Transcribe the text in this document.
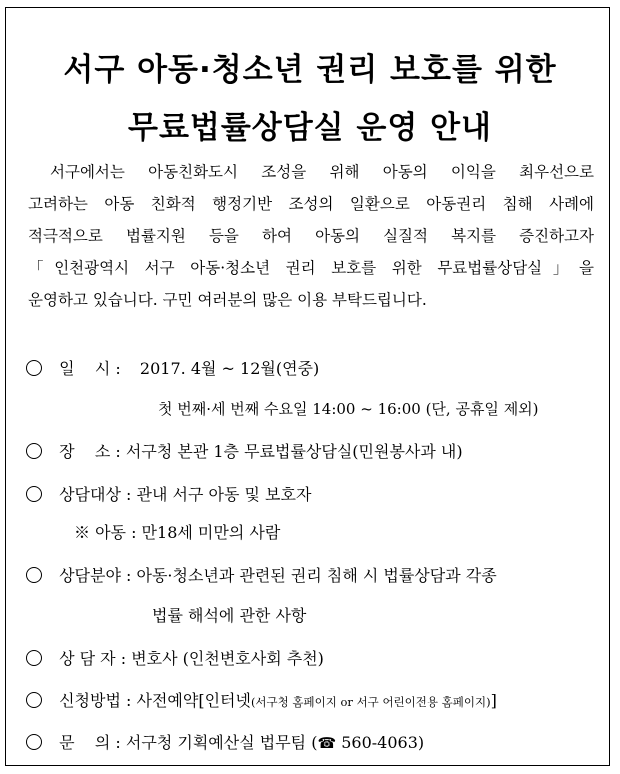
서구 아동·청소년 권리 보호를 위한
무료법률상담실 운영 안내
서구에서는 아동친화도시 조성을 위해 아동의 이익을 최우선으로
고려하는 아동 친화적 행정기반 조성의 일환으로 아동권리 침해 사례에
적극적으로 법률지원 등을 하여 아동의 실질적 복지를 증진하고자
「인천광역시 서구 아동·청소년 권리 보호를 위한 무료법률상담실」을
운영하고 있습니다. 구민 여러분의 많은 이용 부탁드립니다.
일    시 : 2017. 4월 ~ 12월(연중)
첫 번째·세 번째 수요일 14:00 ~ 16:00 (단, 공휴일 제외)
장    소 : 서구청 본관 1층 무료법률상담실(민원봉사과 내)
상담대상 : 관내 서구 아동 및 보호자
※ 아동 : 만18세 미만의 사람
상담분야 : 아동·청소년과 관련된 권리 침해 시 법률상담과 각종
법률 해석에 관한 사항
상 담 자 : 변호사 (인천변호사회 추천)
신청방법 : 사전예약[인터넷(서구청 홈페이지 or 서구 어린이전용 홈페이지)]
문    의 : 서구청 기획예산실 법무팀 (☎ 560-4063)
